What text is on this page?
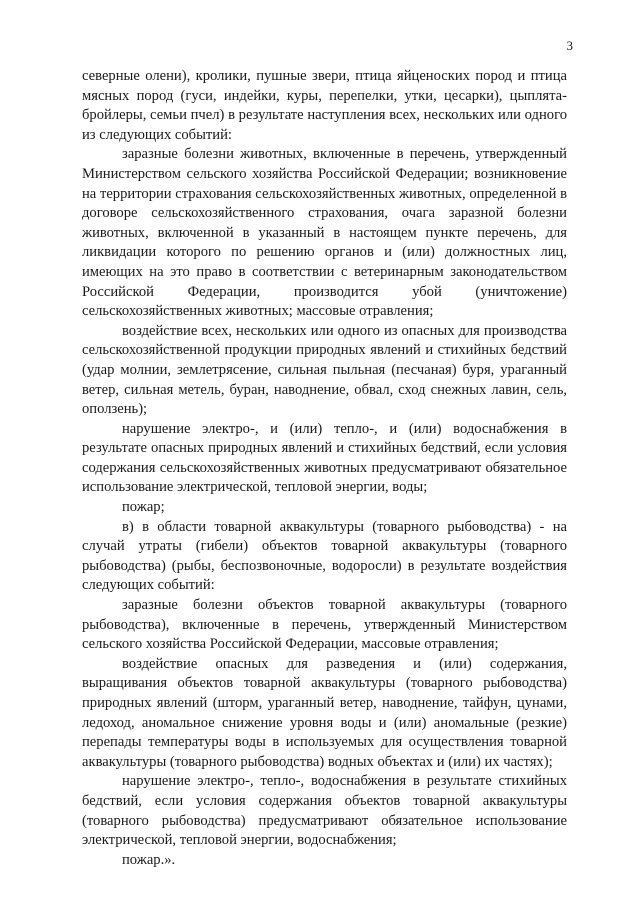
3

северные олени), кролики, пушные звери, птица яйценоских пород и птица мясных пород (гуси, индейки, куры, перепелки, утки, цесарки), цыплята-бройлеры, семьи пчел) в результате наступления всех, нескольких или одного из следующих событий:

заразные болезни животных, включенные в перечень, утвержденный Министерством сельского хозяйства Российской Федерации; возникновение на территории страхования сельскохозяйственных животных, определенной в договоре сельскохозяйственного страхования, очага заразной болезни животных, включенной в указанный в настоящем пункте перечень, для ликвидации которого по решению органов и (или) должностных лиц, имеющих на это право в соответствии с ветеринарным законодательством Российской Федерации, производится убой (уничтожение) сельскохозяйственных животных; массовые отравления;

воздействие всех, нескольких или одного из опасных для производства сельскохозяйственной продукции природных явлений и стихийных бедствий (удар молнии, землетрясение, сильная пыльная (песчаная) буря, ураганный ветер, сильная метель, буран, наводнение, обвал, сход снежных лавин, сель, оползень);

нарушение электро-, и (или) тепло-, и (или) водоснабжения в результате опасных природных явлений и стихийных бедствий, если условия содержания сельскохозяйственных животных предусматривают обязательное использование электрической, тепловой энергии, воды;

пожар;

в) в области товарной аквакультуры (товарного рыбоводства) - на случай утраты (гибели) объектов товарной аквакультуры (товарного рыбоводства) (рыбы, беспозвоночные, водоросли) в результате воздействия следующих событий:

заразные болезни объектов товарной аквакультуры (товарного рыбоводства), включенные в перечень, утвержденный Министерством сельского хозяйства Российской Федерации, массовые отравления;

воздействие опасных для разведения и (или) содержания, выращивания объектов товарной аквакультуры (товарного рыбоводства) природных явлений (шторм, ураганный ветер, наводнение, тайфун, цунами, ледоход, аномальное снижение уровня воды и (или) аномальные (резкие) перепады температуры воды в используемых для осуществления товарной аквакультуры (товарного рыбоводства) водных объектах и (или) их частях);

нарушение электро-, тепло-, водоснабжения в результате стихийных бедствий, если условия содержания объектов товарной аквакультуры (товарного рыбоводства) предусматривают обязательное использование электрической, тепловой энергии, водоснабжения;

пожар.».
